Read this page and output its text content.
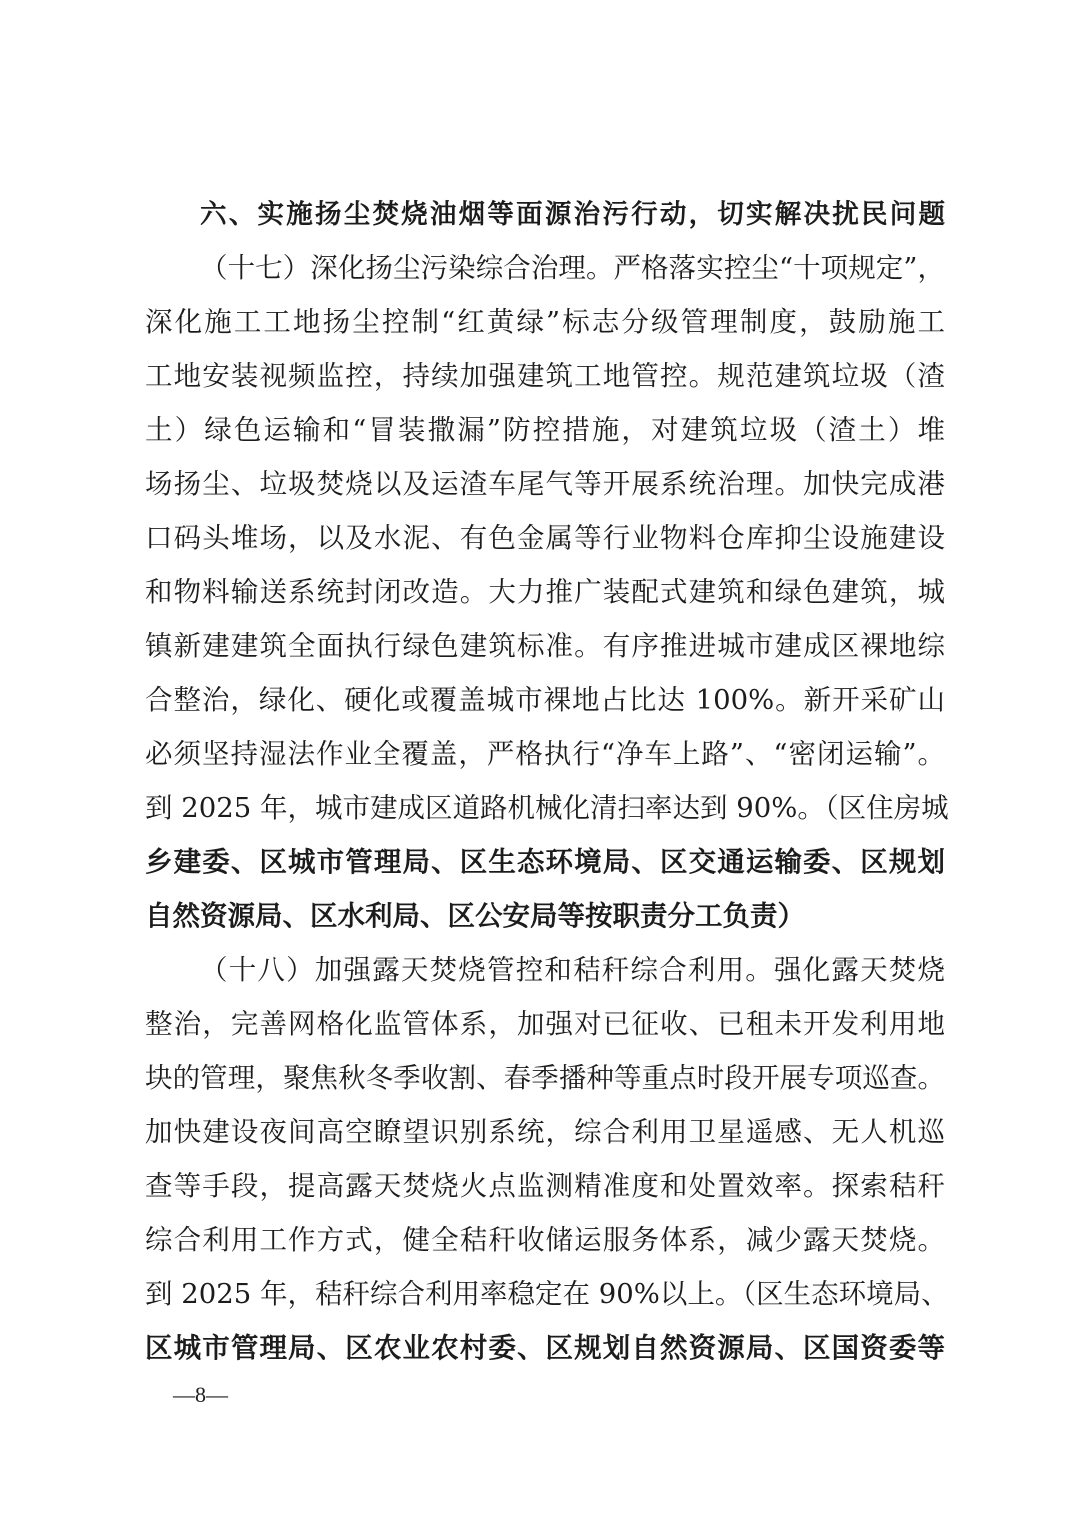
六、实施扬尘焚烧油烟等面源治污行动，切实解决扰民问题
（十七）深化扬尘污染综合治理。严格落实控尘“十项规定”，
深化施工工地扬尘控制“红黄绿”标志分级管理制度，鼓励施工
工地安装视频监控，持续加强建筑工地管控。规范建筑垃圾（渣
土）绿色运输和“冒装撒漏”防控措施，对建筑垃圾（渣土）堆
场扬尘、垃圾焚烧以及运渣车尾气等开展系统治理。加快完成港
口码头堆场，以及水泥、有色金属等行业物料仓库抑尘设施建设
和物料输送系统封闭改造。大力推广装配式建筑和绿色建筑，城
镇新建建筑全面执行绿色建筑标准。有序推进城市建成区裸地综
合整治，绿化、硬化或覆盖城市裸地占比达 100%。新开采矿山
必须坚持湿法作业全覆盖，严格执行“净车上路”、“密闭运输”。
到 2025 年，城市建成区道路机械化清扫率达到 90%。（区住房城
乡建委、区城市管理局、区生态环境局、区交通运输委、区规划
自然资源局、区水利局、区公安局等按职责分工负责）
（十八）加强露天焚烧管控和秸秆综合利用。强化露天焚烧
整治，完善网格化监管体系，加强对已征收、已租未开发利用地
块的管理，聚焦秋冬季收割、春季播种等重点时段开展专项巡查。
加快建设夜间高空瞭望识别系统，综合利用卫星遥感、无人机巡
查等手段，提高露天焚烧火点监测精准度和处置效率。探索秸秆
综合利用工作方式，健全秸秆收储运服务体系，减少露天焚烧。
到 2025 年，秸秆综合利用率稳定在 90%以上。（区生态环境局、
区城市管理局、区农业农村委、区规划自然资源局、区国资委等
—8—
